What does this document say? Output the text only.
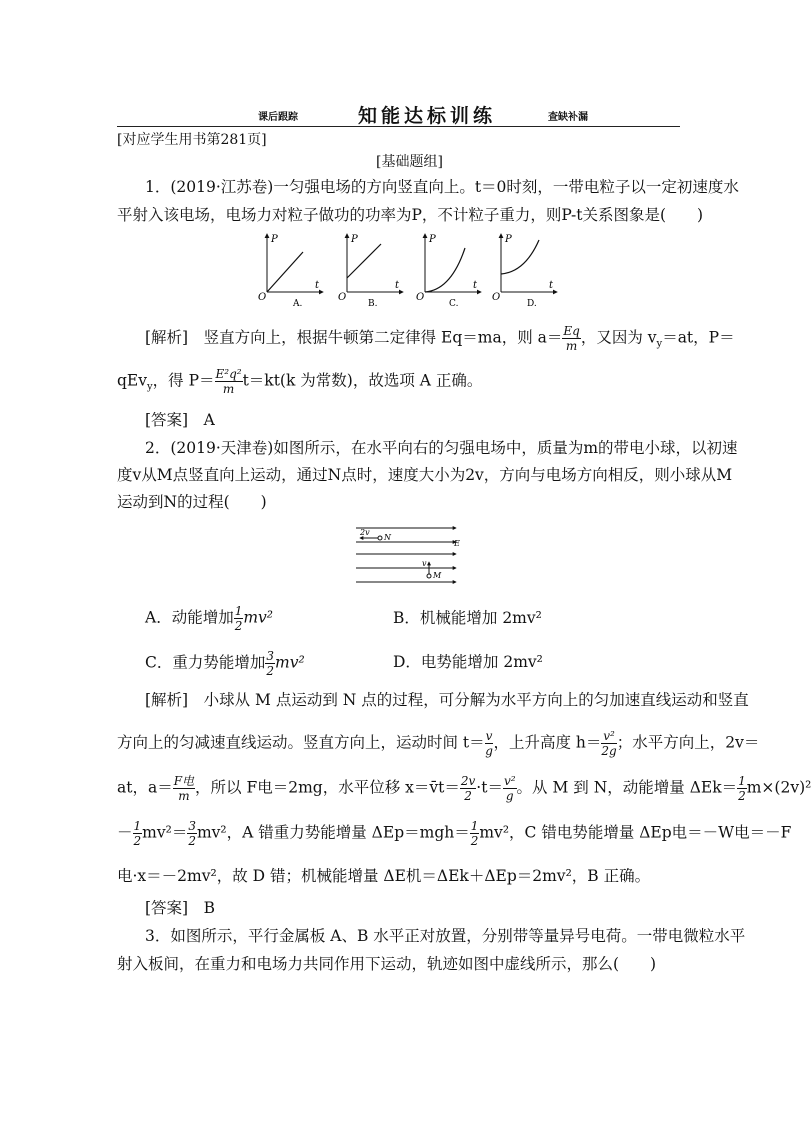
课后跟踪	知能达标训练	查缺补漏
[对应学生用书第281页]
[基础题组]
1．(2019·江苏卷)一匀强电场的方向竖直向上。t＝0时刻，一带电粒子以一定初速度水
平射入该电场，电场力对粒子做功的功率为P，不计粒子重力，则P-t关系图象是(　　)
P
t
O
A.
P
t
O
B.
P
t
O
C.
P
t
O
D.
[解析]　竖直方向上，根据牛顿第二定律得 Eq＝ma，则 $a= \frac{Eq}{m}$ ，又因为 $v_y=at$，P＝
qEv$_y$，得 $P= \frac{\text{E²q²}}{m} t=kt(k$ 为常数)，故选项 A 正确。
[答案]　 A
2．(2019·天津卷)如图所示，在水平向右的匀强电场中，质量为m的带电小球，以初速
度v从M点竖直向上运动，通过N点时，速度大小为2v，方向与电场方向相反，则小球从M
运动到N的过程(　　)
2v
N
E
v
M
A．动能增加 $\frac{1}{2} mv^2$	B．机械能增加 2mv²
C．重力势能增加 $\frac{3}{2} mv^2$	D．电势能增加 2mv²
[解析]　小球从 M 点运动到 N 点的过程，可分解为水平方向上的匀加速直线运动和竖直
方向上的匀减速直线运动。竖直方向上，运动时间 $t= \frac{v}{g}$ ，上升高度 $h= \frac{\text{v²}}{2g}$ ；水平方向上，2v＝
at，$a= \frac{\text{F电}}{m}$ ，所以 F电＝2mg，水平位移 x＝v̄t＝ $\frac{2v}{2} \cdot t= \frac{\text{v²}}{g}$ 。从 M 到 N，动能增量 $\Delta Ek= \frac{1}{2} m\times(2v)^2$
－ $\frac{1}{2} mv^2= \frac{3}{2} mv^2$，A 错重力势能增量 $\Delta Ep=mgh= \frac{1}{2} mv^2$，C 错电势能增量 ΔEp电＝－W电＝－F
电·x＝－2mv²，故 D 错；机械能增量 ΔE机＝ΔEk＋ΔEp＝2mv²，B 正确。
[答案]　 B
3．如图所示，平行金属板 A、B 水平正对放置，分别带等量异号电荷。一带电微粒水平
射入板间，在重力和电场力共同作用下运动，轨迹如图中虚线所示，那么(　　)
